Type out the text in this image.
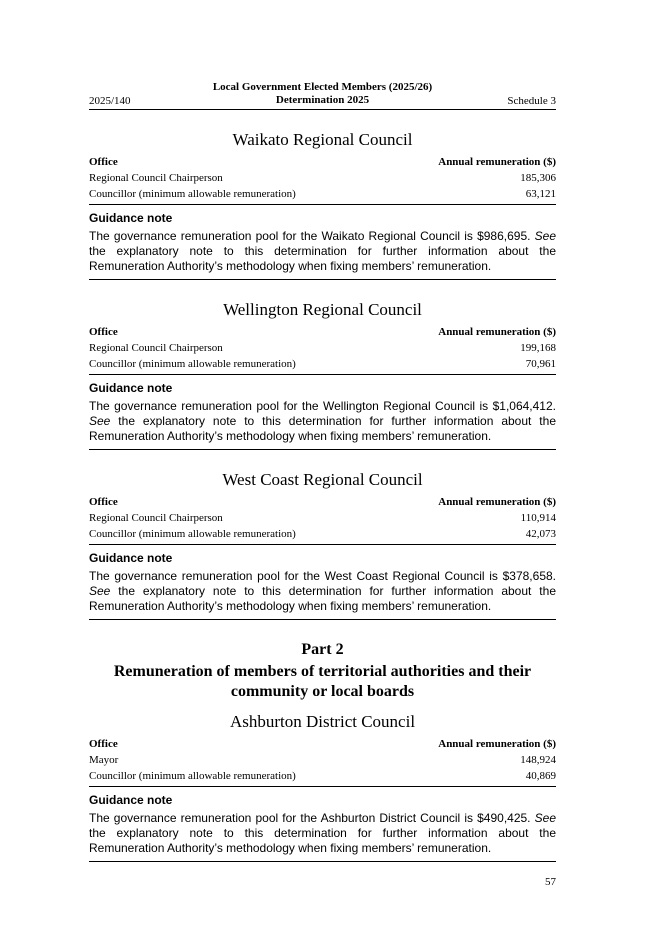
2025/140
Local Government Elected Members (2025/26)
Determination 2025	Schedule 3
Waikato Regional Council
Office	Annual remuneration ($)
Regional Council Chairperson	185,306
Councillor (minimum allowable remuneration)	63,121
Guidance note
The governance remuneration pool for the Waikato Regional Council is $986,695. See the explanatory note to this determination for further information about the Remuneration Authority’s methodology when fixing members’ remuneration.
Wellington Regional Council
Office	Annual remuneration ($)
Regional Council Chairperson	199,168
Councillor (minimum allowable remuneration)	70,961
Guidance note
The governance remuneration pool for the Wellington Regional Council is $1,064,412. See the explanatory note to this determination for further information about the Remuneration Authority’s methodology when fixing members’ remuneration.
West Coast Regional Council
Office	Annual remuneration ($)
Regional Council Chairperson	110,914
Councillor (minimum allowable remuneration)	42,073
Guidance note
The governance remuneration pool for the West Coast Regional Council is $378,658. See the explanatory note to this determination for further information about the Remuneration Authority’s methodology when fixing members’ remuneration.
Part 2
Remuneration of members of territorial authorities and their community or local boards
Ashburton District Council
Office	Annual remuneration ($)
Mayor	148,924
Councillor (minimum allowable remuneration)	40,869
Guidance note
The governance remuneration pool for the Ashburton District Council is $490,425. See the explanatory note to this determination for further information about the Remuneration Authority’s methodology when fixing members’ remuneration.
57
